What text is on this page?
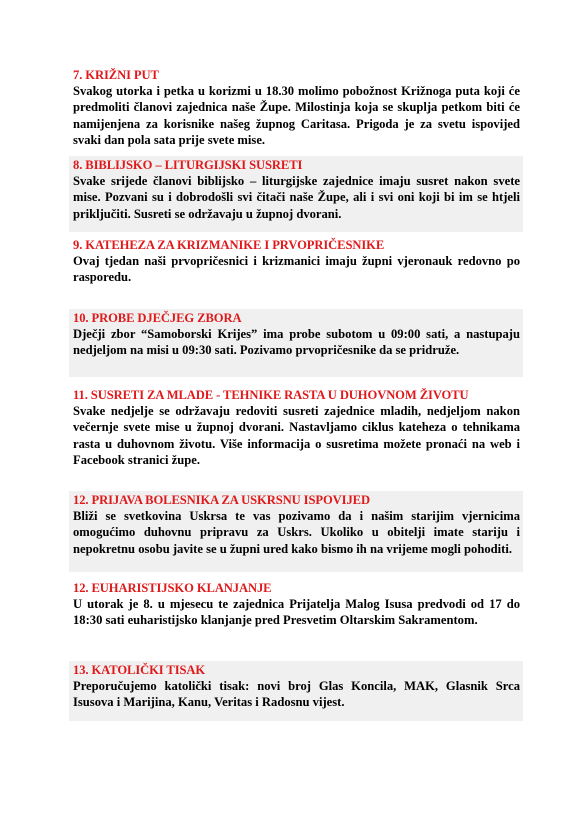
7. KRIŽNI PUT
Svakog utorka i petka u korizmi u 18.30 molimo pobožnost Križnoga puta koji će predmoliti članovi zajednica naše Župe. Milostinja koja se skuplja petkom biti će namijenjena za korisnike našeg župnog Caritasa. Prigoda je za svetu ispovijed svaki dan pola sata prije svete mise.
8. BIBLIJSKO – LITURGIJSKI SUSRETI
Svake srijede članovi biblijsko – liturgijske zajednice imaju susret nakon svete mise. Pozvani su i dobrodošli svi čitači naše Župe, ali i svi oni koji bi im se htjeli priključiti. Susreti se održavaju u župnoj dvorani.
9. KATEHEZA ZA KRIZMANIKE I PRVOPRIČESNIKE
Ovaj tjedan naši prvopričesnici i krizmanici imaju župni vjeronauk redovno po rasporedu.
10. PROBE DJEČJEG ZBORA
Dječji zbor “Samoborski Krijes” ima probe subotom u 09:00 sati, a nastupaju nedjeljom na misi u 09:30 sati. Pozivamo prvopričesnike da se pridruže.
11. SUSRETI ZA MLADE - TEHNIKE RASTA U DUHOVNOM ŽIVOTU
Svake nedjelje se održavaju redoviti susreti zajednice mladih, nedjeljom nakon večernje svete mise u župnoj dvorani. Nastavljamo ciklus kateheza o tehnikama rasta u duhovnom životu. Više informacija o susretima možete pronaći na web i Facebook stranici župe.
12. PRIJAVA BOLESNIKA ZA USKRSNU ISPOVIJED
Bliži se svetkovina Uskrsa te vas pozivamo da i našim starijim vjernicima omogućimo duhovnu pripravu za Uskrs. Ukoliko u obitelji imate stariju i nepokretnu osobu javite se u župni ured kako bismo ih na vrijeme mogli pohoditi.
12. EUHARISTIJSKO KLANJANJE
U utorak je 8. u mjesecu te zajednica Prijatelja Malog Isusa predvodi od 17 do 18:30 sati euharistijsko klanjanje pred Presvetim Oltarskim Sakramentom.
13. KATOLIČKI TISAK
Preporučujemo katolički tisak: novi broj Glas Koncila, MAK, Glasnik Srca Isusova i Marijina, Kanu, Veritas i Radosnu vijest.
